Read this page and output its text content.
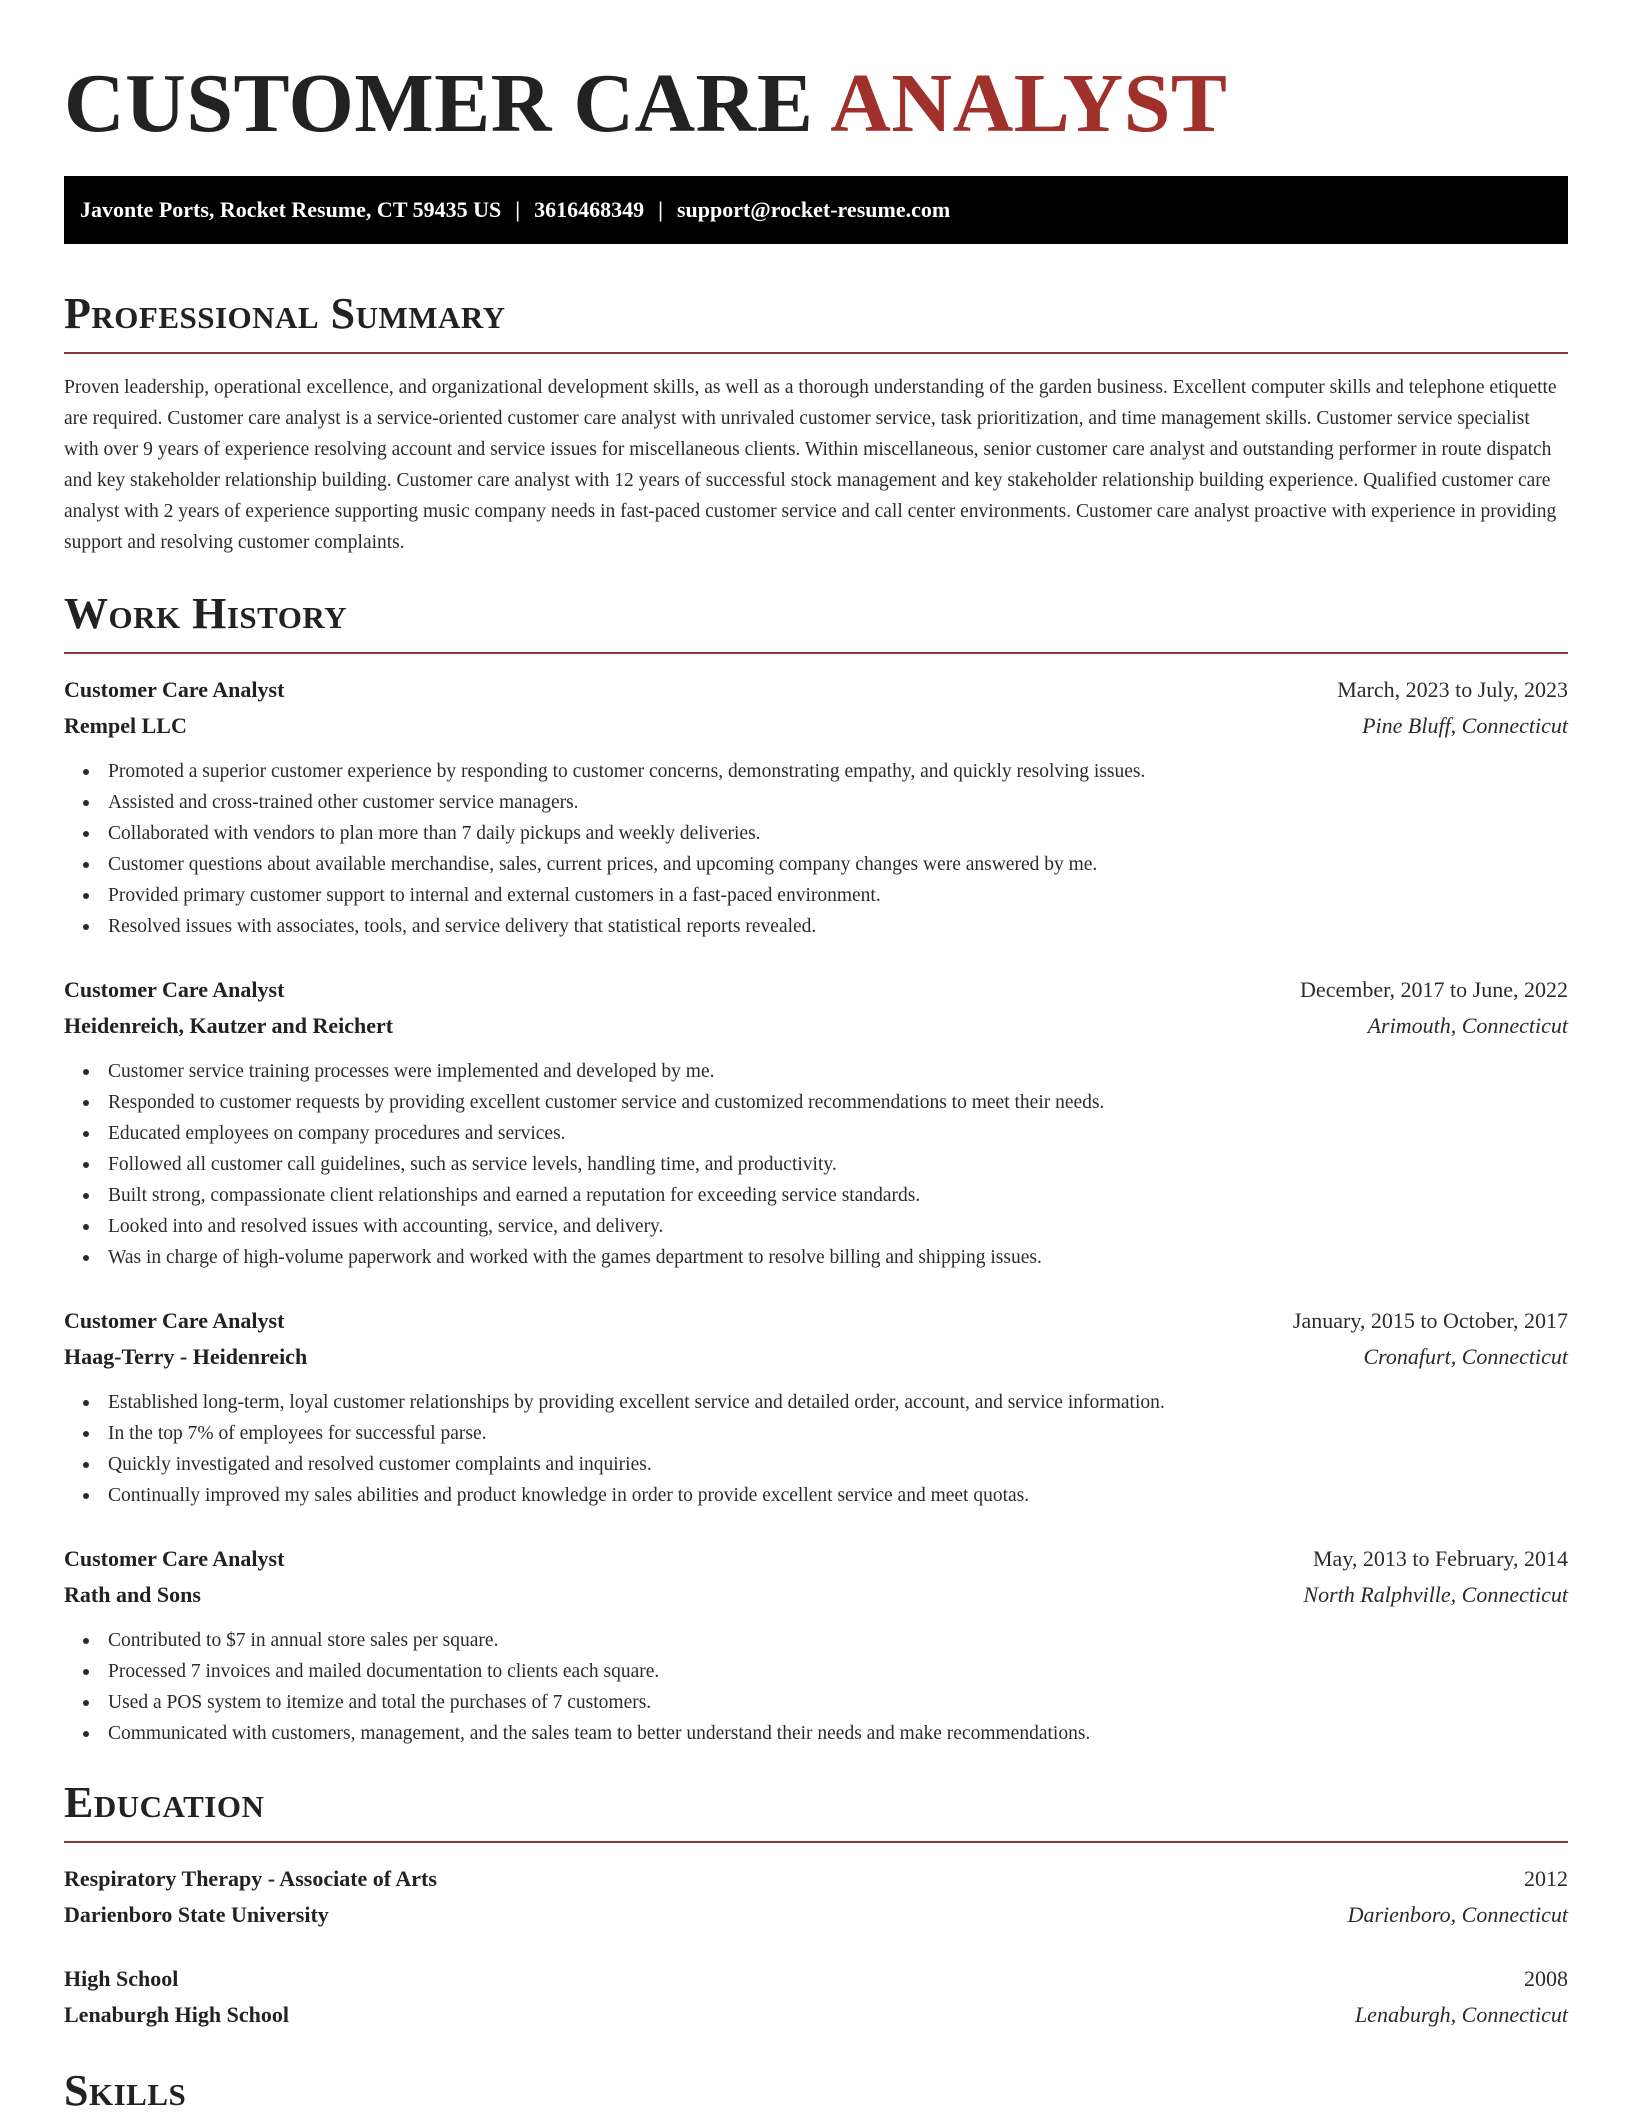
CUSTOMER CARE ANALYST
Javonte Ports, Rocket Resume, CT 59435 US | 3616468349 | support@rocket-resume.com
Professional Summary

Proven leadership, operational excellence, and organizational development skills, as well as a thorough understanding of the garden business. Excellent computer skills and telephone etiquette are required. Customer care analyst is a service-oriented customer care analyst with unrivaled customer service, task prioritization, and time management skills. Customer service specialist with over 9 years of experience resolving account and service issues for miscellaneous clients. Within miscellaneous, senior customer care analyst and outstanding performer in route dispatch and key stakeholder relationship building. Customer care analyst with 12 years of successful stock management and key stakeholder relationship building experience. Qualified customer care analyst with 2 years of experience supporting music company needs in fast-paced customer service and call center environments. Customer care analyst proactive with experience in providing support and resolving customer complaints.

Work History
Customer Care Analyst	March, 2023 to July, 2023
Rempel LLC	Pine Bluff, Connecticut
Promoted a superior customer experience by responding to customer concerns, demonstrating empathy, and quickly resolving issues.
Assisted and cross-trained other customer service managers.
Collaborated with vendors to plan more than 7 daily pickups and weekly deliveries.
Customer questions about available merchandise, sales, current prices, and upcoming company changes were answered by me.
Provided primary customer support to internal and external customers in a fast-paced environment.
Resolved issues with associates, tools, and service delivery that statistical reports revealed.
Customer Care Analyst	December, 2017 to June, 2022
Heidenreich, Kautzer and Reichert	Arimouth, Connecticut
Customer service training processes were implemented and developed by me.
Responded to customer requests by providing excellent customer service and customized recommendations to meet their needs.
Educated employees on company procedures and services.
Followed all customer call guidelines, such as service levels, handling time, and productivity.
Built strong, compassionate client relationships and earned a reputation for exceeding service standards.
Looked into and resolved issues with accounting, service, and delivery.
Was in charge of high-volume paperwork and worked with the games department to resolve billing and shipping issues.
Customer Care Analyst	January, 2015 to October, 2017
Haag-Terry - Heidenreich	Cronafurt, Connecticut
Established long-term, loyal customer relationships by providing excellent service and detailed order, account, and service information.
In the top 7% of employees for successful parse.
Quickly investigated and resolved customer complaints and inquiries.
Continually improved my sales abilities and product knowledge in order to provide excellent service and meet quotas.
Customer Care Analyst	May, 2013 to February, 2014
Rath and Sons	North Ralphville, Connecticut
Contributed to $7 in annual store sales per square.
Processed 7 invoices and mailed documentation to clients each square.
Used a POS system to itemize and total the purchases of 7 customers.
Communicated with customers, management, and the sales team to better understand their needs and make recommendations.
Education
Respiratory Therapy - Associate of Arts	2012
Darienboro State University	Darienboro, Connecticut
High School	2008
Lenaburgh High School	Lenaburgh, Connecticut
Skills
